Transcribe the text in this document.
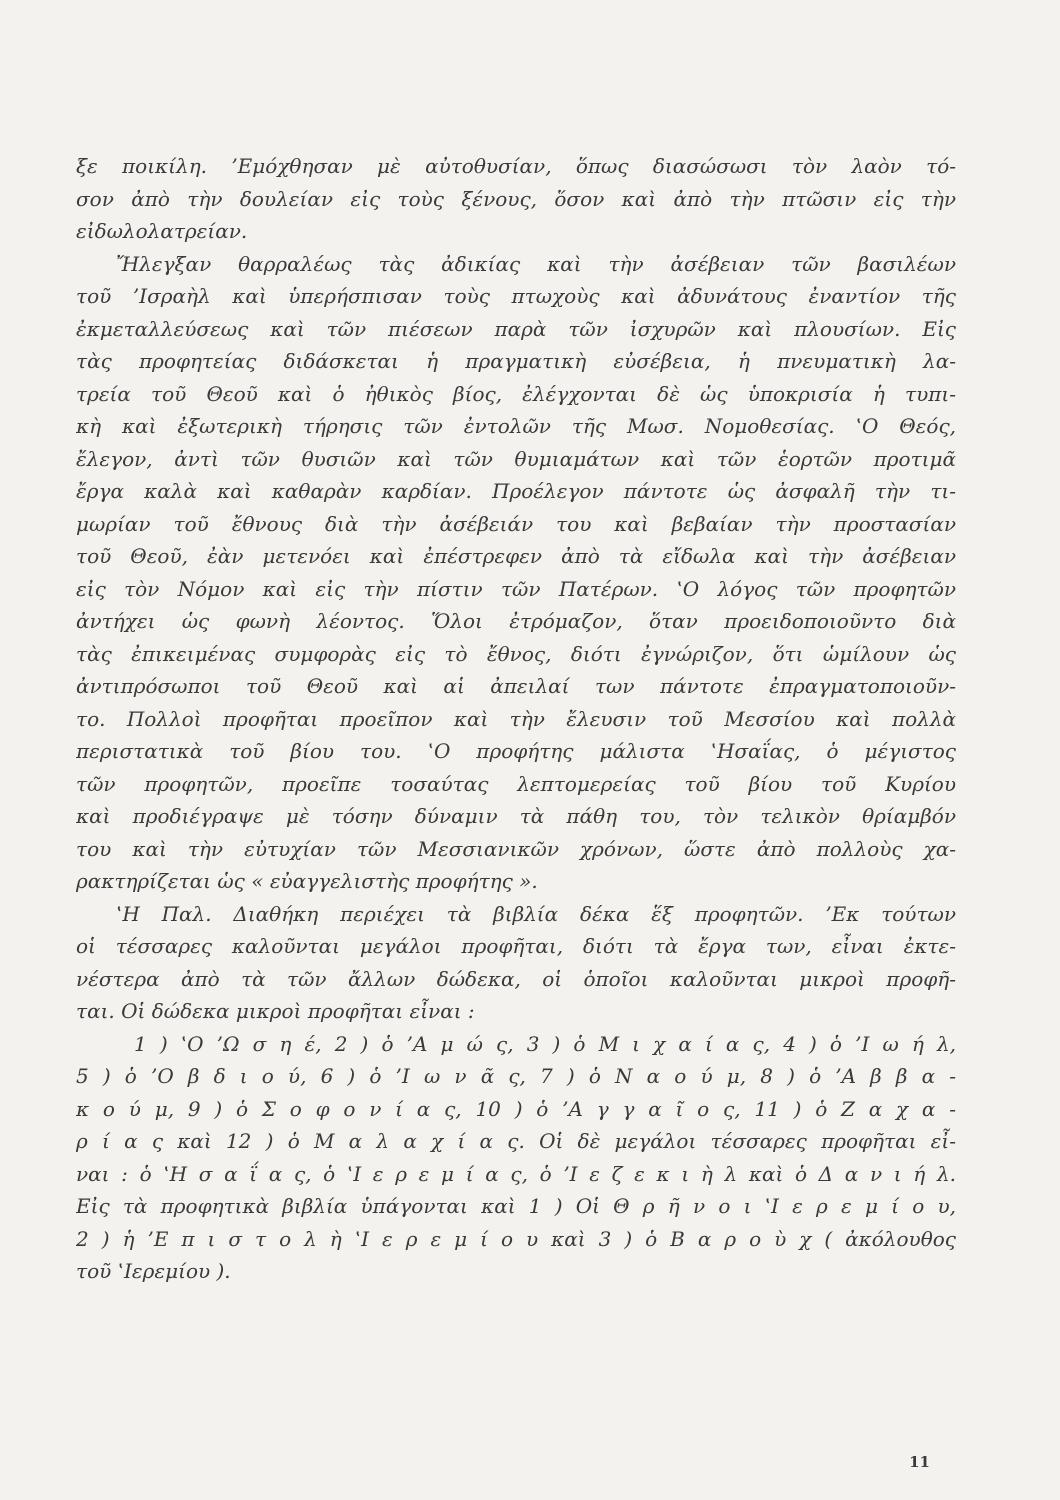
ξε ποικίλη. ’Εμόχθησαν μὲ αὐτοθυσίαν, ὅπως διασώσωσι τὸν λαὸν τό-
σον ἀπὸ τὴν δουλείαν εἰς τοὺς ξένους, ὅσον καὶ ἀπὸ τὴν πτῶσιν εἰς τὴν
εἰδωλολατρείαν.
Ἤλεγξαν θαρραλέως τὰς ἀδικίας καὶ τὴν ἀσέβειαν τῶν βασιλέων
τοῦ ’Ισραὴλ καὶ ὑπερήσπισαν τοὺς πτωχοὺς καὶ ἀδυνάτους ἐναντίον τῆς
ἐκμεταλλεύσεως καὶ τῶν πιέσεων παρὰ τῶν ἰσχυρῶν καὶ πλουσίων. Εἰς
τὰς προφητείας διδάσκεται ἡ πραγματικὴ εὐσέβεια, ἡ πνευματικὴ λα-
τρεία τοῦ Θεοῦ καὶ ὁ ἠθικὸς βίος, ἐλέγχονται δὲ ὡς ὑποκρισία ἡ τυπι-
κὴ καὶ ἐξωτερικὴ τήρησις τῶν ἐντολῶν τῆς Μωσ. Νομοθεσίας. ‛Ο Θεός,
ἔλεγον, ἀντὶ τῶν θυσιῶν καὶ τῶν θυμιαμάτων καὶ τῶν ἑορτῶν προτιμᾶ
ἔργα καλὰ καὶ καθαρὰν καρδίαν. Προέλεγον πάντοτε ὡς ἀσφαλῆ τὴν τι-
μωρίαν τοῦ ἔθνους διὰ τὴν ἀσέβειάν του καὶ βεβαίαν τὴν προστασίαν
τοῦ Θεοῦ, ἐὰν μετενόει καὶ ἐπέστρεφεν ἀπὸ τὰ εἴδωλα καὶ τὴν ἀσέβειαν
εἰς τὸν Νόμον καὶ εἰς τὴν πίστιν τῶν Πατέρων. ‛Ο λόγος τῶν προφητῶν
ἀντήχει ὡς φωνὴ λέοντος. Ὅλοι ἐτρόμαζον, ὅταν προειδοποιοῦντο διὰ
τὰς ἐπικειμένας συμφορὰς εἰς τὸ ἔθνος, διότι ἐγνώριζον, ὅτι ὡμίλουν ὡς
ἀντιπρόσωποι τοῦ Θεοῦ καὶ αἱ ἀπειλαί των πάντοτε ἐπραγματοποιοῦν-
το. Πολλοὶ προφῆται προεῖπον καὶ τὴν ἔλευσιν τοῦ Μεσσίου καὶ πολλὰ
περιστατικὰ τοῦ βίου του. ‛Ο προφήτης μάλιστα ‛Ησαΐας, ὁ μέγιστος
τῶν προφητῶν, προεῖπε τοσαύτας λεπτομερείας τοῦ βίου τοῦ Κυρίου
καὶ προδιέγραψε μὲ τόσην δύναμιν τὰ πάθη του, τὸν τελικὸν θρίαμβόν
του καὶ τὴν εὐτυχίαν τῶν Μεσσιανικῶν χρόνων, ὥστε ἀπὸ πολλοὺς χα-
ρακτηρίζεται ὡς « εὐαγγελιστὴς προφήτης ».
‛Η Παλ. Διαθήκη περιέχει τὰ βιβλία δέκα ἕξ προφητῶν. ’Εκ τούτων
οἱ τέσσαρες καλοῦνται μεγάλοι προφῆται, διότι τὰ ἔργα των, εἶναι ἐκτε-
νέστερα ἀπὸ τὰ τῶν ἄλλων δώδεκα, οἱ ὁποῖοι καλοῦνται μικροὶ προφῆ-
ται. Οἱ δώδεκα μικροὶ προφῆται εἶναι :
1 ) ‛Ο ’Ω σ η έ, 2 ) ὁ ’Α μ ώ ς, 3 ) ὁ Μ ι χ α ί α ς, 4 ) ὁ ’Ι ω ή λ,
5 ) ὁ ’Ο β δ ι ο ύ, 6 ) ὁ ’Ι ω ν ᾶ ς, 7 ) ὁ Ν α ο ύ μ, 8 ) ὁ ’Α β β α -
κ ο ύ μ, 9 ) ὁ Σ ο φ ο ν ί α ς, 10 ) ὁ ’Α γ γ α ῖ ο ς, 11 ) ὁ Ζ α χ α -
ρ ί α ς καὶ 12 ) ὁ Μ α λ α χ ί α ς. Οἱ δὲ μεγάλοι τέσσαρες προφῆται εἶ-
ναι : ὁ ‛Η σ α ΐ α ς, ὁ ‛Ι ε ρ ε μ ί α ς, ὁ ’Ι ε ζ ε κ ι ὴ λ καὶ ὁ Δ α ν ι ή λ.
Εἰς τὰ προφητικὰ βιβλία ὑπάγονται καὶ 1 ) Οἱ Θ ρ ῆ ν ο ι ‛Ι ε ρ ε μ ί ο υ,
2 ) ἡ ’Ε π ι σ τ ο λ ὴ ‛Ι ε ρ ε μ ί ο υ καὶ 3 ) ὁ Β α ρ ο ὺ χ ( ἀκόλουθος
τοῦ ‛Ιερεμίου ).
11
